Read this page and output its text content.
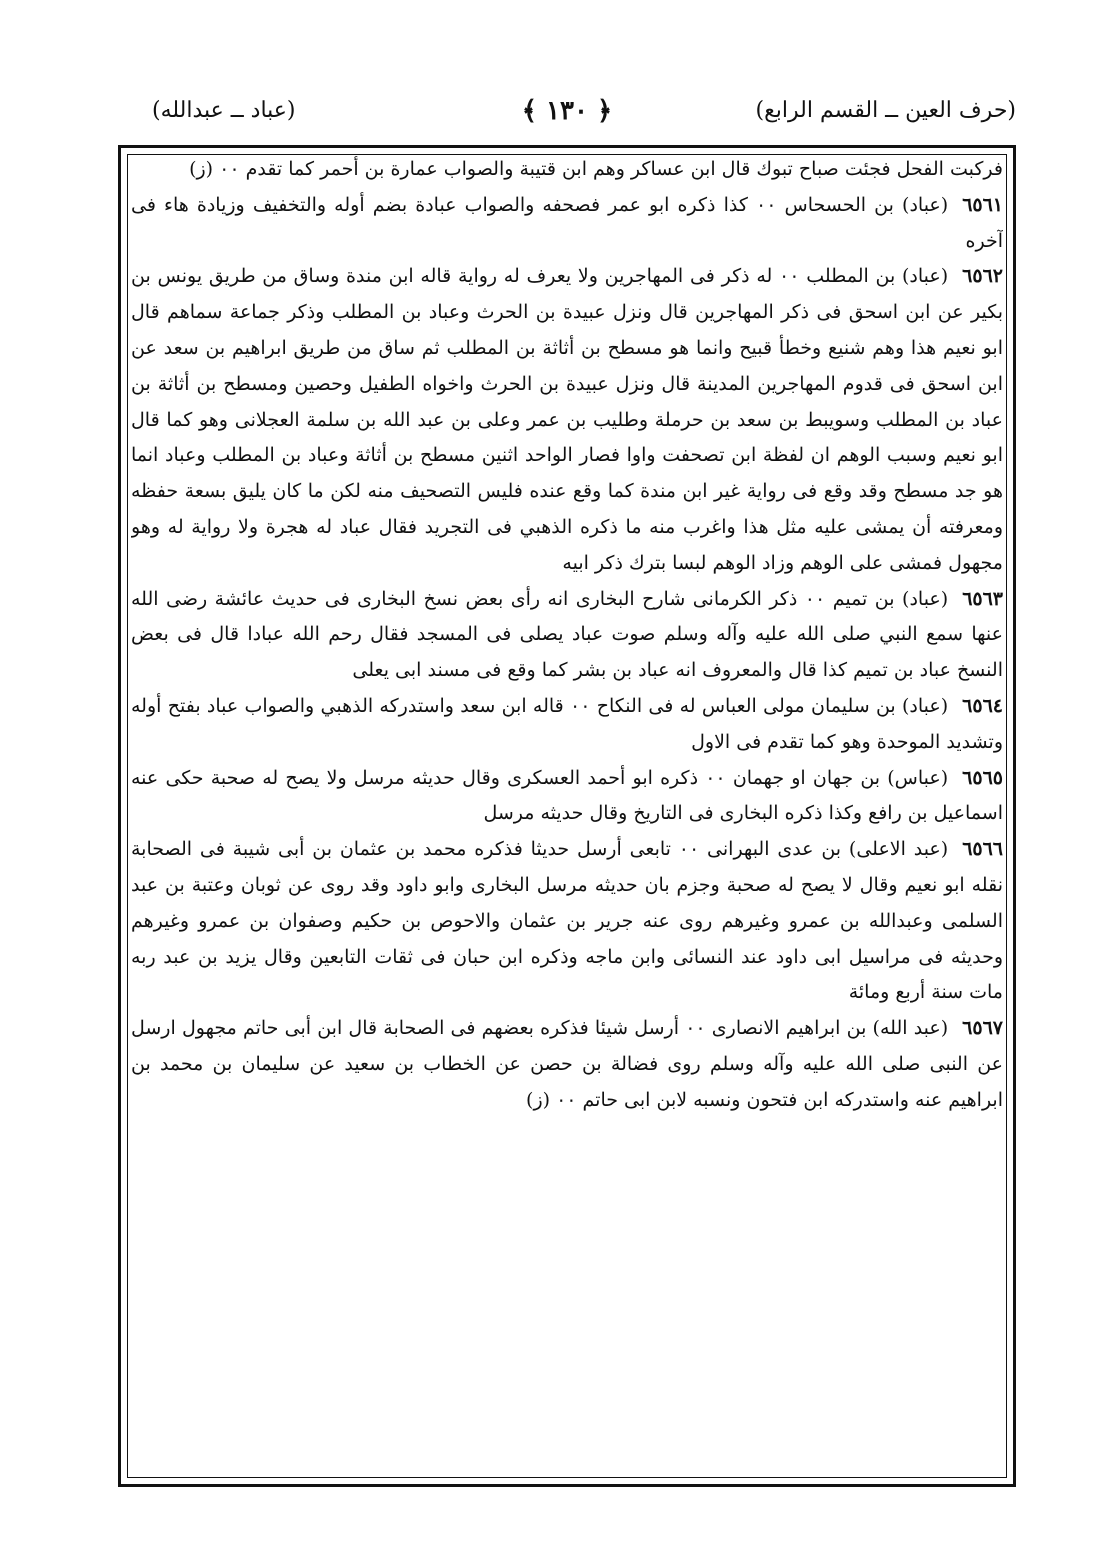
(حرف العين ــ القسم الرابع)
﴿ ١٣٠ ﴾
(عباد ــ عبدالله)

فركبت الفحل فجئت صباح تبوك قال ابن عساكر وهم ابن قتيبة والصواب عمارة بن أحمر كما تقدم ٠٠ (ز)

٦٥٦١(عباد) بن الحسحاس ٠٠ كذا ذكره ابو عمر فصحفه والصواب عبادة بضم أوله والتخفيف وزيادة هاء فى آخره

٦٥٦٢(عباد) بن المطلب ٠٠ له ذكر فى المهاجرين ولا يعرف له رواية قاله ابن مندة وساق من طريق يونس بن بكير عن ابن اسحق فى ذكر المهاجرين قال ونزل عبيدة بن الحرث وعباد بن المطلب وذكر جماعة سماهم قال ابو نعيم هذا وهم شنيع وخطأ قبيح وانما هو مسطح بن أثاثة بن المطلب ثم ساق من طريق ابراهيم بن سعد عن ابن اسحق فى قدوم المهاجرين المدينة قال ونزل عبيدة بن الحرث واخواه الطفيل وحصين ومسطح بن أثاثة بن عباد بن المطلب وسويبط بن سعد بن حرملة وطليب بن عمر وعلى بن عبد الله بن سلمة العجلانى وهو كما قال ابو نعيم وسبب الوهم ان لفظة ابن تصحفت واوا فصار الواحد اثنين مسطح بن أثاثة وعباد بن المطلب وعباد انما هو جد مسطح وقد وقع فى رواية غير ابن مندة كما وقع عنده فليس التصحيف منه لكن ما كان يليق بسعة حفظه ومعرفته أن يمشى عليه مثل هذا واغرب منه ما ذكره الذهبي فى التجريد فقال عباد له هجرة ولا رواية له وهو مجهول فمشى على الوهم وزاد الوهم لبسا بترك ذكر ابيه

٦٥٦٣(عباد) بن تميم ٠٠ ذكر الكرمانى شارح البخارى انه رأى بعض نسخ البخارى فى حديث عائشة رضى الله عنها سمع النبي صلى الله عليه وآله وسلم صوت عباد يصلى فى المسجد فقال رحم الله عبادا قال فى بعض النسخ عباد بن تميم كذا قال والمعروف انه عباد بن بشر كما وقع فى مسند ابى يعلى

٦٥٦٤(عباد) بن سليمان مولى العباس له فى النكاح ٠٠ قاله ابن سعد واستدركه الذهبي والصواب عباد بفتح أوله وتشديد الموحدة وهو كما تقدم فى الاول

٦٥٦٥(عباس) بن جهان او جهمان ٠٠ ذكره ابو أحمد العسكرى وقال حديثه مرسل ولا يصح له صحبة حكى عنه اسماعيل بن رافع وكذا ذكره البخارى فى التاريخ وقال حديثه مرسل

٦٥٦٦(عبد الاعلى) بن عدى البهرانى ٠٠ تابعى أرسل حديثا فذكره محمد بن عثمان بن أبى شيبة فى الصحابة نقله ابو نعيم وقال لا يصح له صحبة وجزم بان حديثه مرسل البخارى وابو داود وقد روى عن ثوبان وعتبة بن عبد السلمى وعبدالله بن عمرو وغيرهم روى عنه جرير بن عثمان والاحوص بن حكيم وصفوان بن عمرو وغيرهم وحديثه فى مراسيل ابى داود عند النسائى وابن ماجه وذكره ابن حبان فى ثقات التابعين وقال يزيد بن عبد ربه مات سنة أربع ومائة

٦٥٦٧(عبد الله) بن ابراهيم الانصارى ٠٠ أرسل شيئا فذكره بعضهم فى الصحابة قال ابن أبى حاتم مجهول ارسل عن النبى صلى الله عليه وآله وسلم روى فضالة بن حصن عن الخطاب بن سعيد عن سليمان بن محمد بن ابراهيم عنه واستدركه ابن فتحون ونسبه لابن ابى حاتم ٠٠ (ز)
